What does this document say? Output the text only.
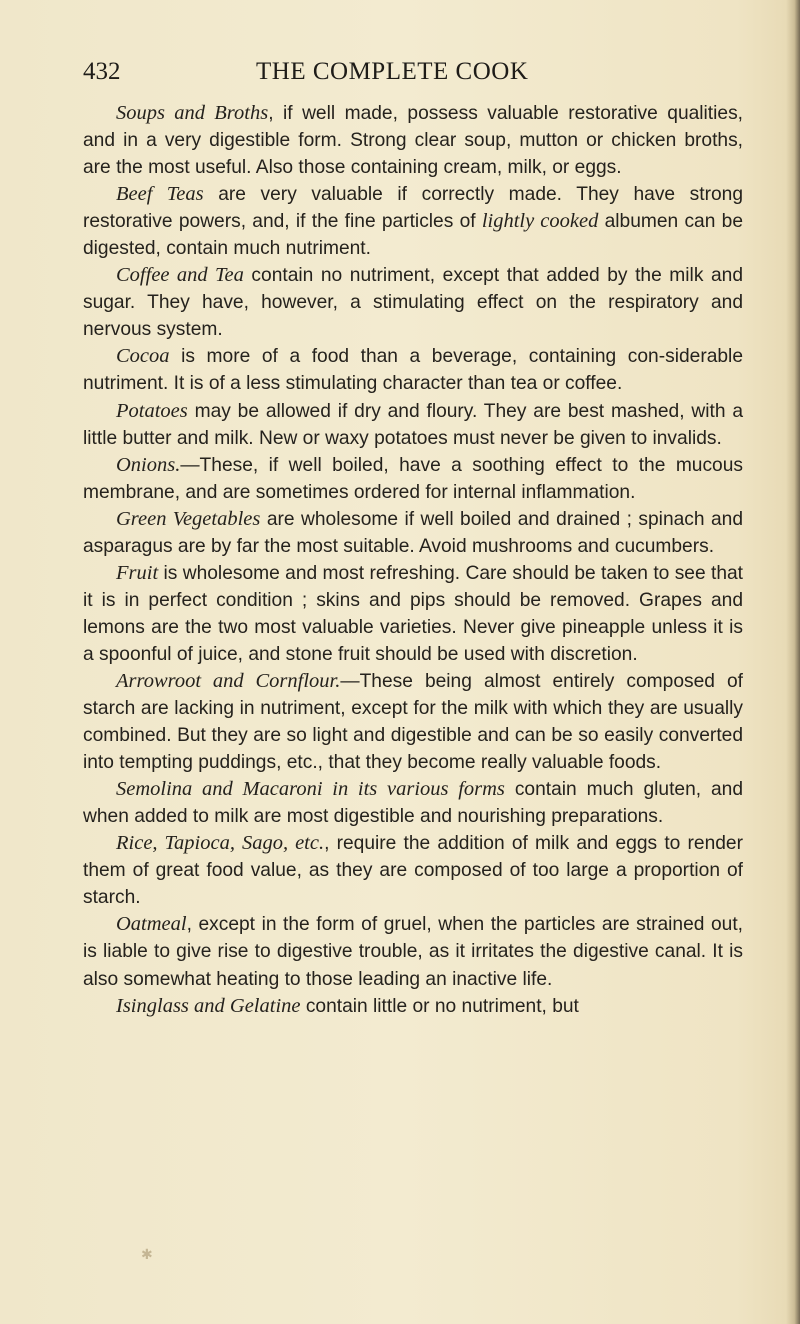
432	THE COMPLETE COOK

Soups and Broths, if well made, possess valuable restorative qualities, and in a very digestible form. Strong clear soup, mutton or chicken broths, are the most useful. Also those containing cream, milk, or eggs.

Beef Teas are very valuable if correctly made. They have strong restorative powers, and, if the fine particles of lightly cooked albumen can be digested, contain much nutriment.

Coffee and Tea contain no nutriment, except that added by the milk and sugar. They have, however, a stimulating effect on the respiratory and nervous system.

Cocoa is more of a food than a beverage, containing con-siderable nutriment. It is of a less stimulating character than tea or coffee.

Potatoes may be allowed if dry and floury. They are best mashed, with a little butter and milk. New or waxy potatoes must never be given to invalids.

Onions.—These, if well boiled, have a soothing effect to the mucous membrane, and are sometimes ordered for internal inflammation.

Green Vegetables are wholesome if well boiled and drained ; spinach and asparagus are by far the most suitable. Avoid mushrooms and cucumbers.

Fruit is wholesome and most refreshing. Care should be taken to see that it is in perfect condition ; skins and pips should be removed. Grapes and lemons are the two most valuable varieties. Never give pineapple unless it is a spoonful of juice, and stone fruit should be used with discretion.

Arrowroot and Cornflour.—These being almost entirely composed of starch are lacking in nutriment, except for the milk with which they are usually combined. But they are so light and digestible and can be so easily converted into tempting puddings, etc., that they become really valuable foods.

Semolina and Macaroni in its various forms contain much gluten, and when added to milk are most digestible and nourishing preparations.

Rice, Tapioca, Sago, etc., require the addition of milk and eggs to render them of great food value, as they are composed of too large a proportion of starch.

Oatmeal, except in the form of gruel, when the particles are strained out, is liable to give rise to digestive trouble, as it irritates the digestive canal. It is also somewhat heating to those leading an inactive life.

Isinglass and Gelatine contain little or no nutriment, but

✱
